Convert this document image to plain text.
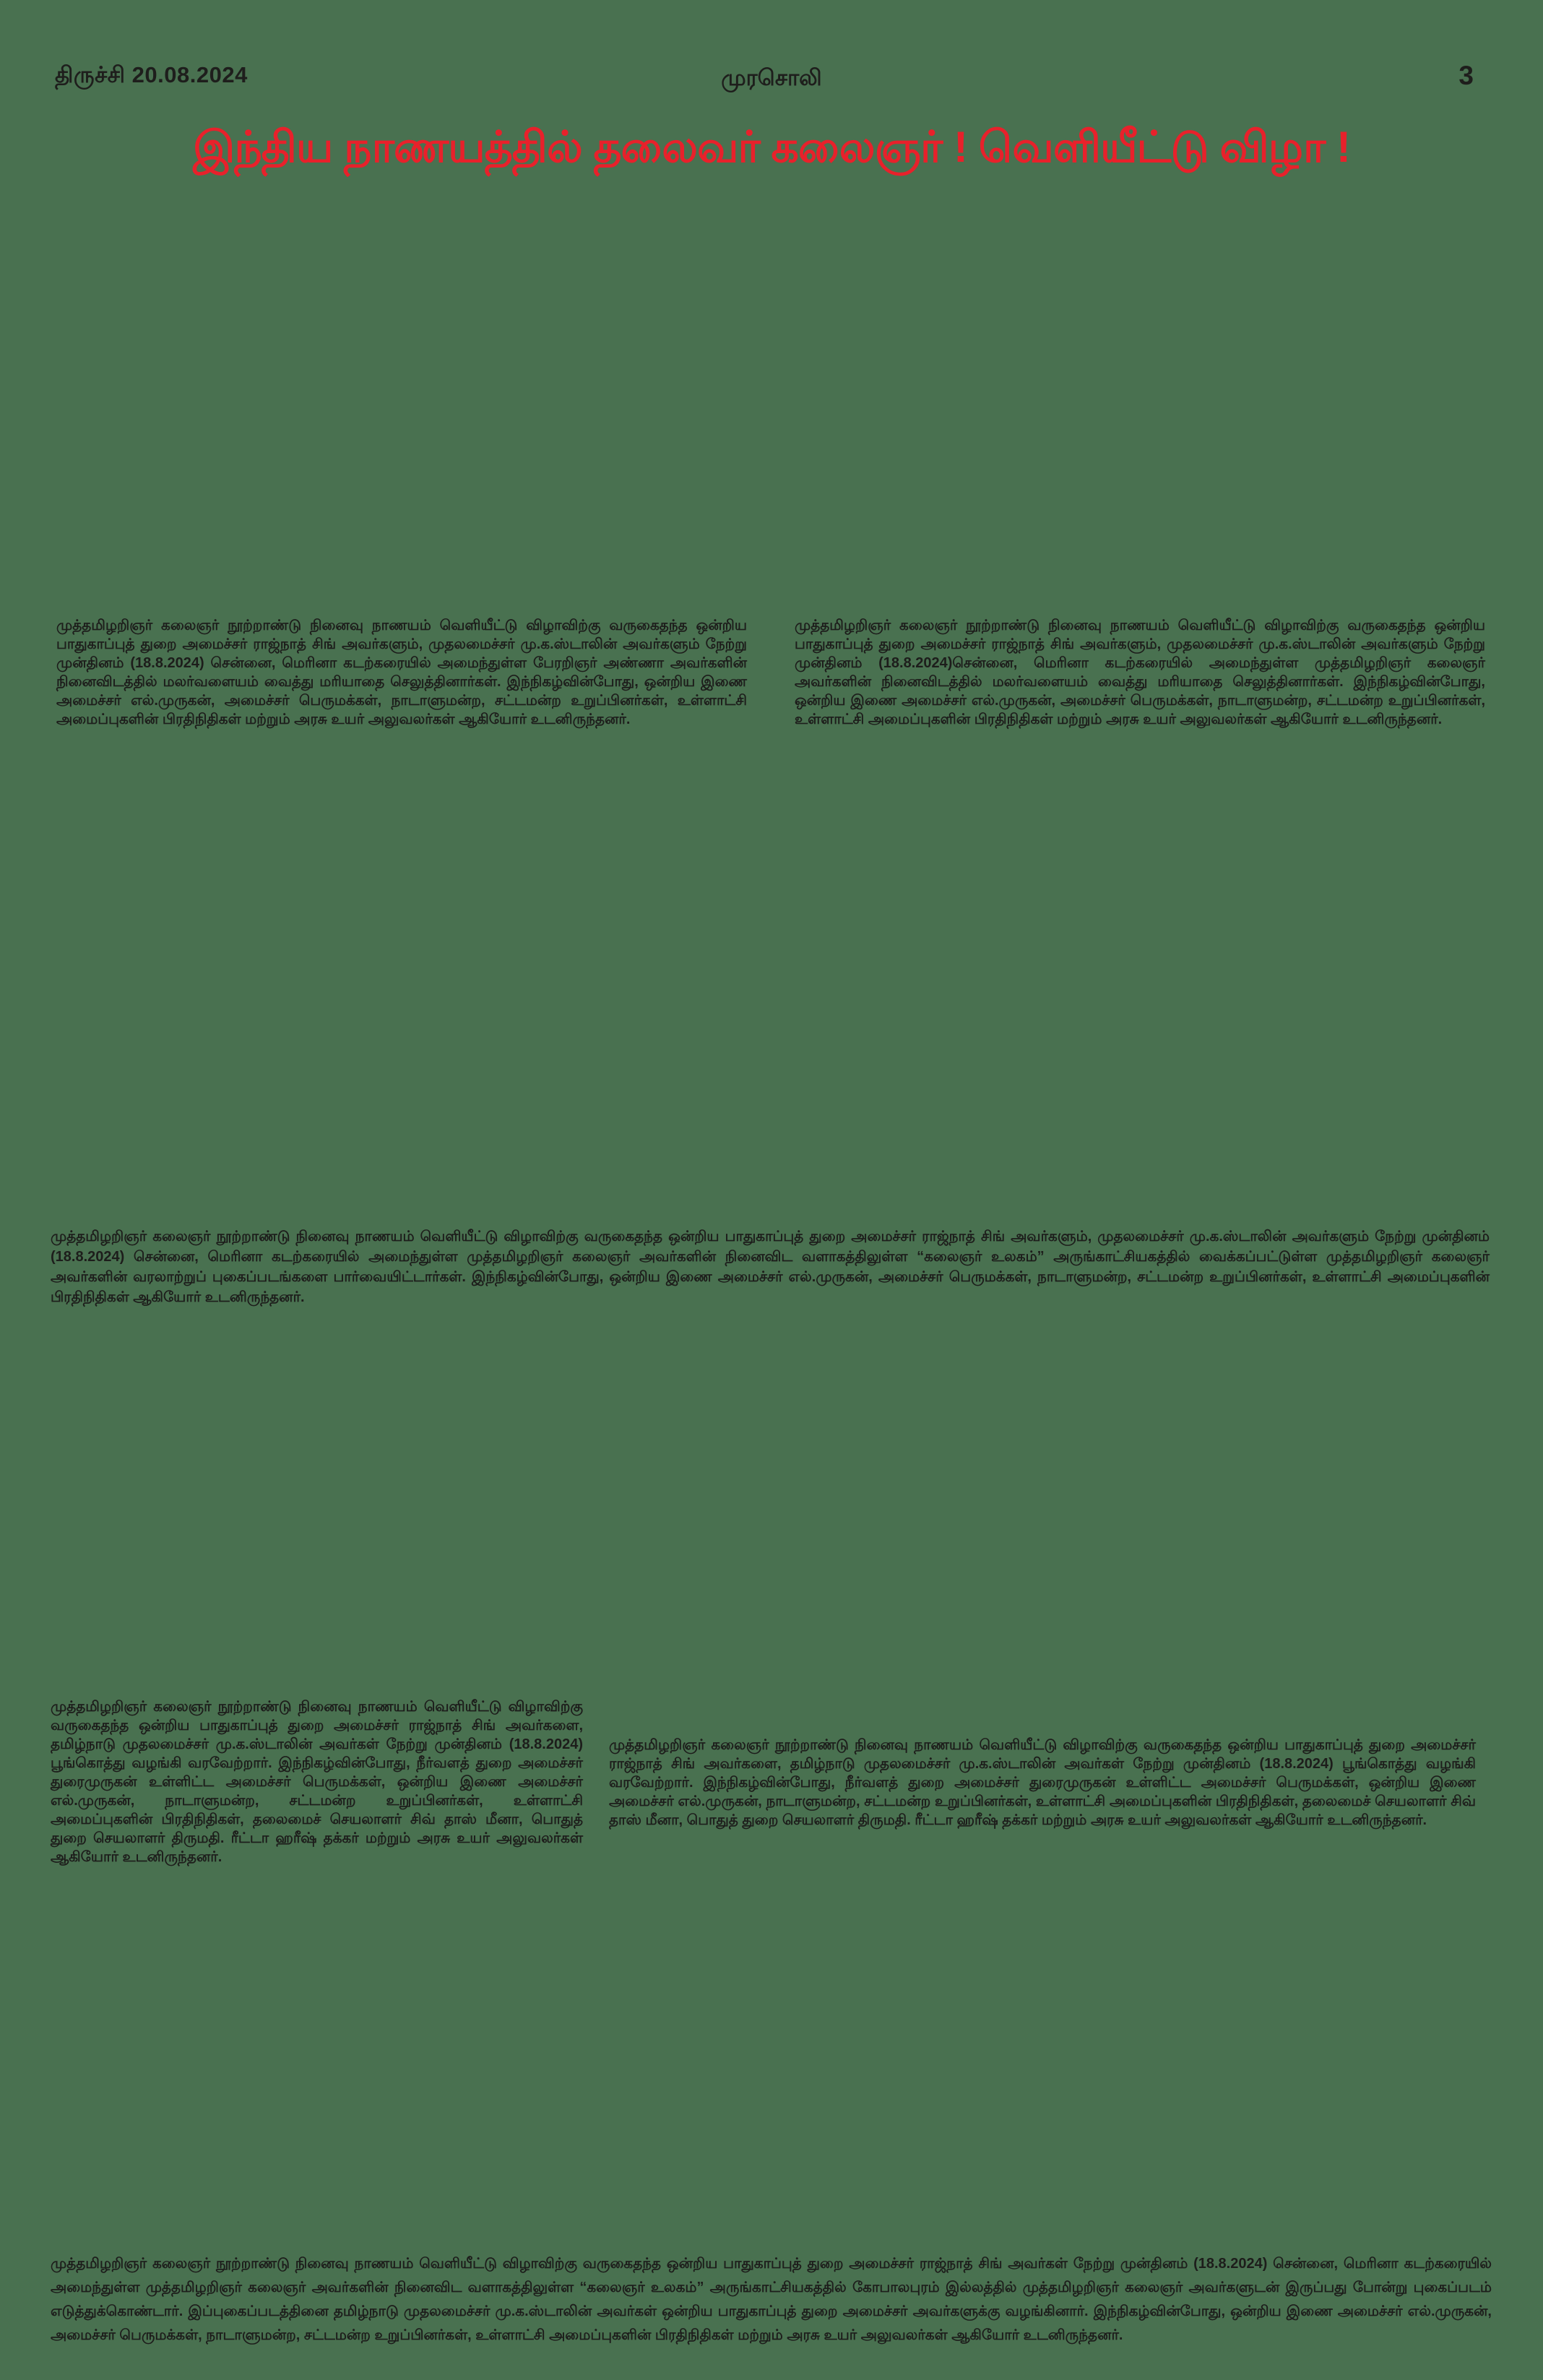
திருச்சி 20.08.2024	முரசொலி	3
இந்திய நாணயத்தில் தலைவர் கலைஞர் ! வெளியீட்டு விழா !

முத்தமிழறிஞர் கலைஞர் நூற்றாண்டு நினைவு நாணயம் வெளியீட்டு விழாவிற்கு வருகைதந்த ஒன்றிய பாதுகாப்புத் துறை அமைச்சர் ராஜ்நாத் சிங் அவர்களும், முதலமைச்சர் மு.க.ஸ்டாலின் அவர்களும் நேற்று முன்தினம் (18.8.2024) சென்னை, மெரினா கடற்கரையில் அமைந்துள்ள பேரறிஞர் அண்ணா அவர்களின் நினைவிடத்தில் மலர்வளையம் வைத்து மரியாதை செலுத்தினார்கள். இந்நிகழ்வின்போது, ஒன்றிய இணை அமைச்சர் எல்.முருகன், அமைச்சர் பெருமக்கள், நாடாளுமன்ற, சட்டமன்ற உறுப்பினர்கள், உள்ளாட்சி அமைப்புகளின் பிரதிநிதிகள் மற்றும் அரசு உயர் அலுவலர்கள் ஆகியோர் உடனிருந்தனர்.

முத்தமிழறிஞர் கலைஞர் நூற்றாண்டு நினைவு நாணயம் வெளியீட்டு விழாவிற்கு வருகைதந்த ஒன்றிய பாதுகாப்புத் துறை அமைச்சர் ராஜ்நாத் சிங் அவர்களும், முதலமைச்சர் மு.க.ஸ்டாலின் அவர்களும் நேற்று முன்தினம் (18.8.2024)சென்னை, மெரினா கடற்கரையில் அமைந்துள்ள முத்தமிழறிஞர் கலைஞர் அவர்களின் நினைவிடத்தில் மலர்வளையம் வைத்து மரியாதை செலுத்தினார்கள். இந்நிகழ்வின்போது, ஒன்றிய இணை அமைச்சர் எல்.முருகன், அமைச்சர் பெருமக்கள், நாடாளுமன்ற, சட்டமன்ற உறுப்பினர்கள், உள்ளாட்சி அமைப்புகளின் பிரதிநிதிகள் மற்றும் அரசு உயர் அலுவலர்கள் ஆகியோர் உடனிருந்தனர்.

முத்தமிழறிஞர் கலைஞர் நூற்றாண்டு நினைவு நாணயம் வெளியீட்டு விழாவிற்கு வருகைதந்த ஒன்றிய பாதுகாப்புத் துறை அமைச்சர் ராஜ்நாத் சிங் அவர்களும், முதலமைச்சர் மு.க.ஸ்டாலின் அவர்களும் நேற்று முன்தினம் (18.8.2024) சென்னை, மெரினா கடற்கரையில் அமைந்துள்ள முத்தமிழறிஞர் கலைஞர் அவர்களின் நினைவிட வளாகத்திலுள்ள “கலைஞர் உலகம்” அருங்காட்சியகத்தில் வைக்கப்பட்டுள்ள முத்தமிழறிஞர் கலைஞர் அவர்களின் வரலாற்றுப் புகைப்படங்களை பார்வையிட்டார்கள். இந்நிகழ்வின்போது, ஒன்றிய இணை அமைச்சர் எல்.முருகன், அமைச்சர் பெருமக்கள், நாடாளுமன்ற, சட்டமன்ற உறுப்பினர்கள், உள்ளாட்சி அமைப்புகளின் பிரதிநிதிகள் ஆகியோர் உடனிருந்தனர்.

முத்தமிழறிஞர் கலைஞர் நூற்றாண்டு நினைவு நாணயம் வெளியீட்டு விழாவிற்கு வருகைதந்த ஒன்றிய பாதுகாப்புத் துறை அமைச்சர் ராஜ்நாத் சிங் அவர்களை, தமிழ்நாடு முதலமைச்சர் மு.க.ஸ்டாலின் அவர்கள் நேற்று முன்தினம் (18.8.2024) பூங்கொத்து வழங்கி வரவேற்றார். இந்நிகழ்வின்போது, நீர்வளத் துறை அமைச்சர் துரைமுருகன் உள்ளிட்ட அமைச்சர் பெருமக்கள், ஒன்றிய இணை அமைச்சர் எல்.முருகன், நாடாளுமன்ற, சட்டமன்ற உறுப்பினர்கள், உள்ளாட்சி அமைப்புகளின் பிரதிநிதிகள், தலைமைச் செயலாளர் சிவ் தாஸ் மீனா, பொதுத் துறை செயலாளர் திருமதி. ரீட்டா ஹரீஷ் தக்கர் மற்றும் அரசு உயர் அலுவலர்கள் ஆகியோர் உடனிருந்தனர்.

முத்தமிழறிஞர் கலைஞர் நூற்றாண்டு நினைவு நாணயம் வெளியீட்டு விழாவிற்கு வருகைதந்த ஒன்றிய பாதுகாப்புத் துறை அமைச்சர் ராஜ்நாத் சிங் அவர்களை, தமிழ்நாடு முதலமைச்சர் மு.க.ஸ்டாலின் அவர்கள் நேற்று முன்தினம் (18.8.2024) பூங்கொத்து வழங்கி வரவேற்றார். இந்நிகழ்வின்போது, நீர்வளத் துறை அமைச்சர் துரைமுருகன் உள்ளிட்ட அமைச்சர் பெருமக்கள், ஒன்றிய இணை அமைச்சர் எல்.முருகன், நாடாளுமன்ற, சட்டமன்ற உறுப்பினர்கள், உள்ளாட்சி அமைப்புகளின் பிரதிநிதிகள், தலைமைச் செயலாளர் சிவ் தாஸ் மீனா, பொதுத் துறை செயலாளர் திருமதி. ரீட்டா ஹரீஷ் தக்கர் மற்றும் அரசு உயர் அலுவலர்கள் ஆகியோர் உடனிருந்தனர்.

முத்தமிழறிஞர் கலைஞர் நூற்றாண்டு நினைவு நாணயம் வெளியீட்டு விழாவிற்கு வருகைதந்த ஒன்றிய பாதுகாப்புத் துறை அமைச்சர் ராஜ்நாத் சிங் அவர்கள் நேற்று முன்தினம் (18.8.2024) சென்னை, மெரினா கடற்கரையில் அமைந்துள்ள முத்தமிழறிஞர் கலைஞர் அவர்களின் நினைவிட வளாகத்திலுள்ள “கலைஞர் உலகம்” அருங்காட்சியகத்தில் கோபாலபுரம் இல்லத்தில் முத்தமிழறிஞர் கலைஞர் அவர்களுடன் இருப்பது போன்று புகைப்படம் எடுத்துக்கொண்டார். இப்புகைப்படத்தினை தமிழ்நாடு முதலமைச்சர் மு.க.ஸ்டாலின் அவர்கள் ஒன்றிய பாதுகாப்புத் துறை அமைச்சர் அவர்களுக்கு வழங்கினார். இந்நிகழ்வின்போது, ஒன்றிய இணை அமைச்சர் எல்.முருகன், அமைச்சர் பெருமக்கள், நாடாளுமன்ற, சட்டமன்ற உறுப்பினர்கள், உள்ளாட்சி அமைப்புகளின் பிரதிநிதிகள் மற்றும் அரசு உயர் அலுவலர்கள் ஆகியோர் உடனிருந்தனர்.
